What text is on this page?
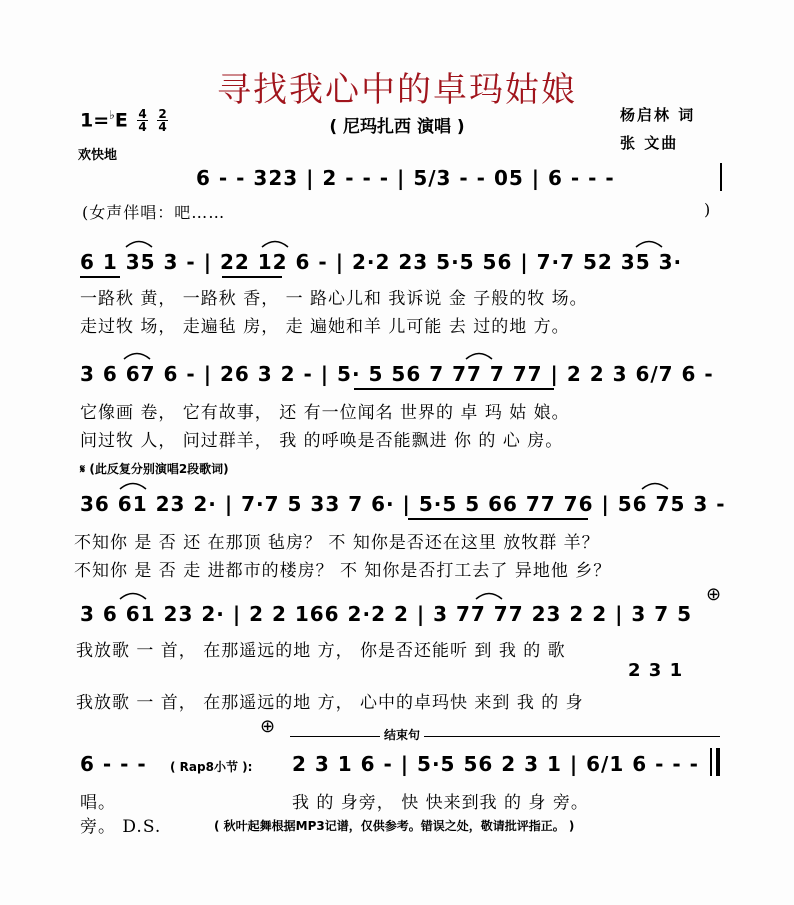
寻找我心中的卓玛姑娘
( 尼玛扎西 演唱 )
$1=^♭E \frac{4}{4}$
$\frac{2}{4}$
欢快地
杨启林 词
张 文曲
6 - - 323 | 2 - - - | 5/3 - - 05 | 6 - - -
(女声伴唱：吧……	)
6 1 35 3 - | 22 12 6 - | 2·2 23 5·5 56 | 7·7 52 35 3·
一路秋 黄， 一路秋 香， 一 路心儿和 我诉说 金 子般的牧 场。
走过牧 场， 走遍毡 房， 走 遍她和羊 儿可能 去 过的地 方。
3 6 67 6 - | 26 3 2 - | 5· 5 56 7 77 7 77 | 2 2 3 6/7 6 -
它像画 卷， 它有故事， 还 有一位闻名 世界的 卓 玛 姑 娘。
问过牧 人， 问过群羊， 我 的呼唤是否能飘进 你 的 心 房。
𝄋 (此反复分别演唱2段歌词)
36 61 23 2· | 7·7 5 33 7 6· | 5·5 5 66 77 76 | 56 75 3 -
不知你 是 否 还 在那顶 毡房？ 不 知你是否还在这里 放牧群 羊？
不知你 是 否 走 进都市的楼房？ 不 知你是否打工去了 异地他 乡？
3 6 61 23 2· | 2 2 166 2·2 2 | 3 77 77 23 2 2 | 3 7 5
我放歌 一 首， 在那遥远的地 方， 你是否还能听 到 我 的 歌
2 3 1
我放歌 一 首， 在那遥远的地 方， 心中的卓玛快 来到 我 的 身
⊕
⊕	结束句
6 - - - ( Rap8小节 ): 2 3 1 6 - | 5·5 56 2 3 1 | 6/1 6 - - -
唱。	我 的 身旁， 快 快来到我 的 身 旁。
旁。 D.S.	( 秋叶起舞根据MP3记谱，仅供参考。错误之处，敬请批评指正。 )
